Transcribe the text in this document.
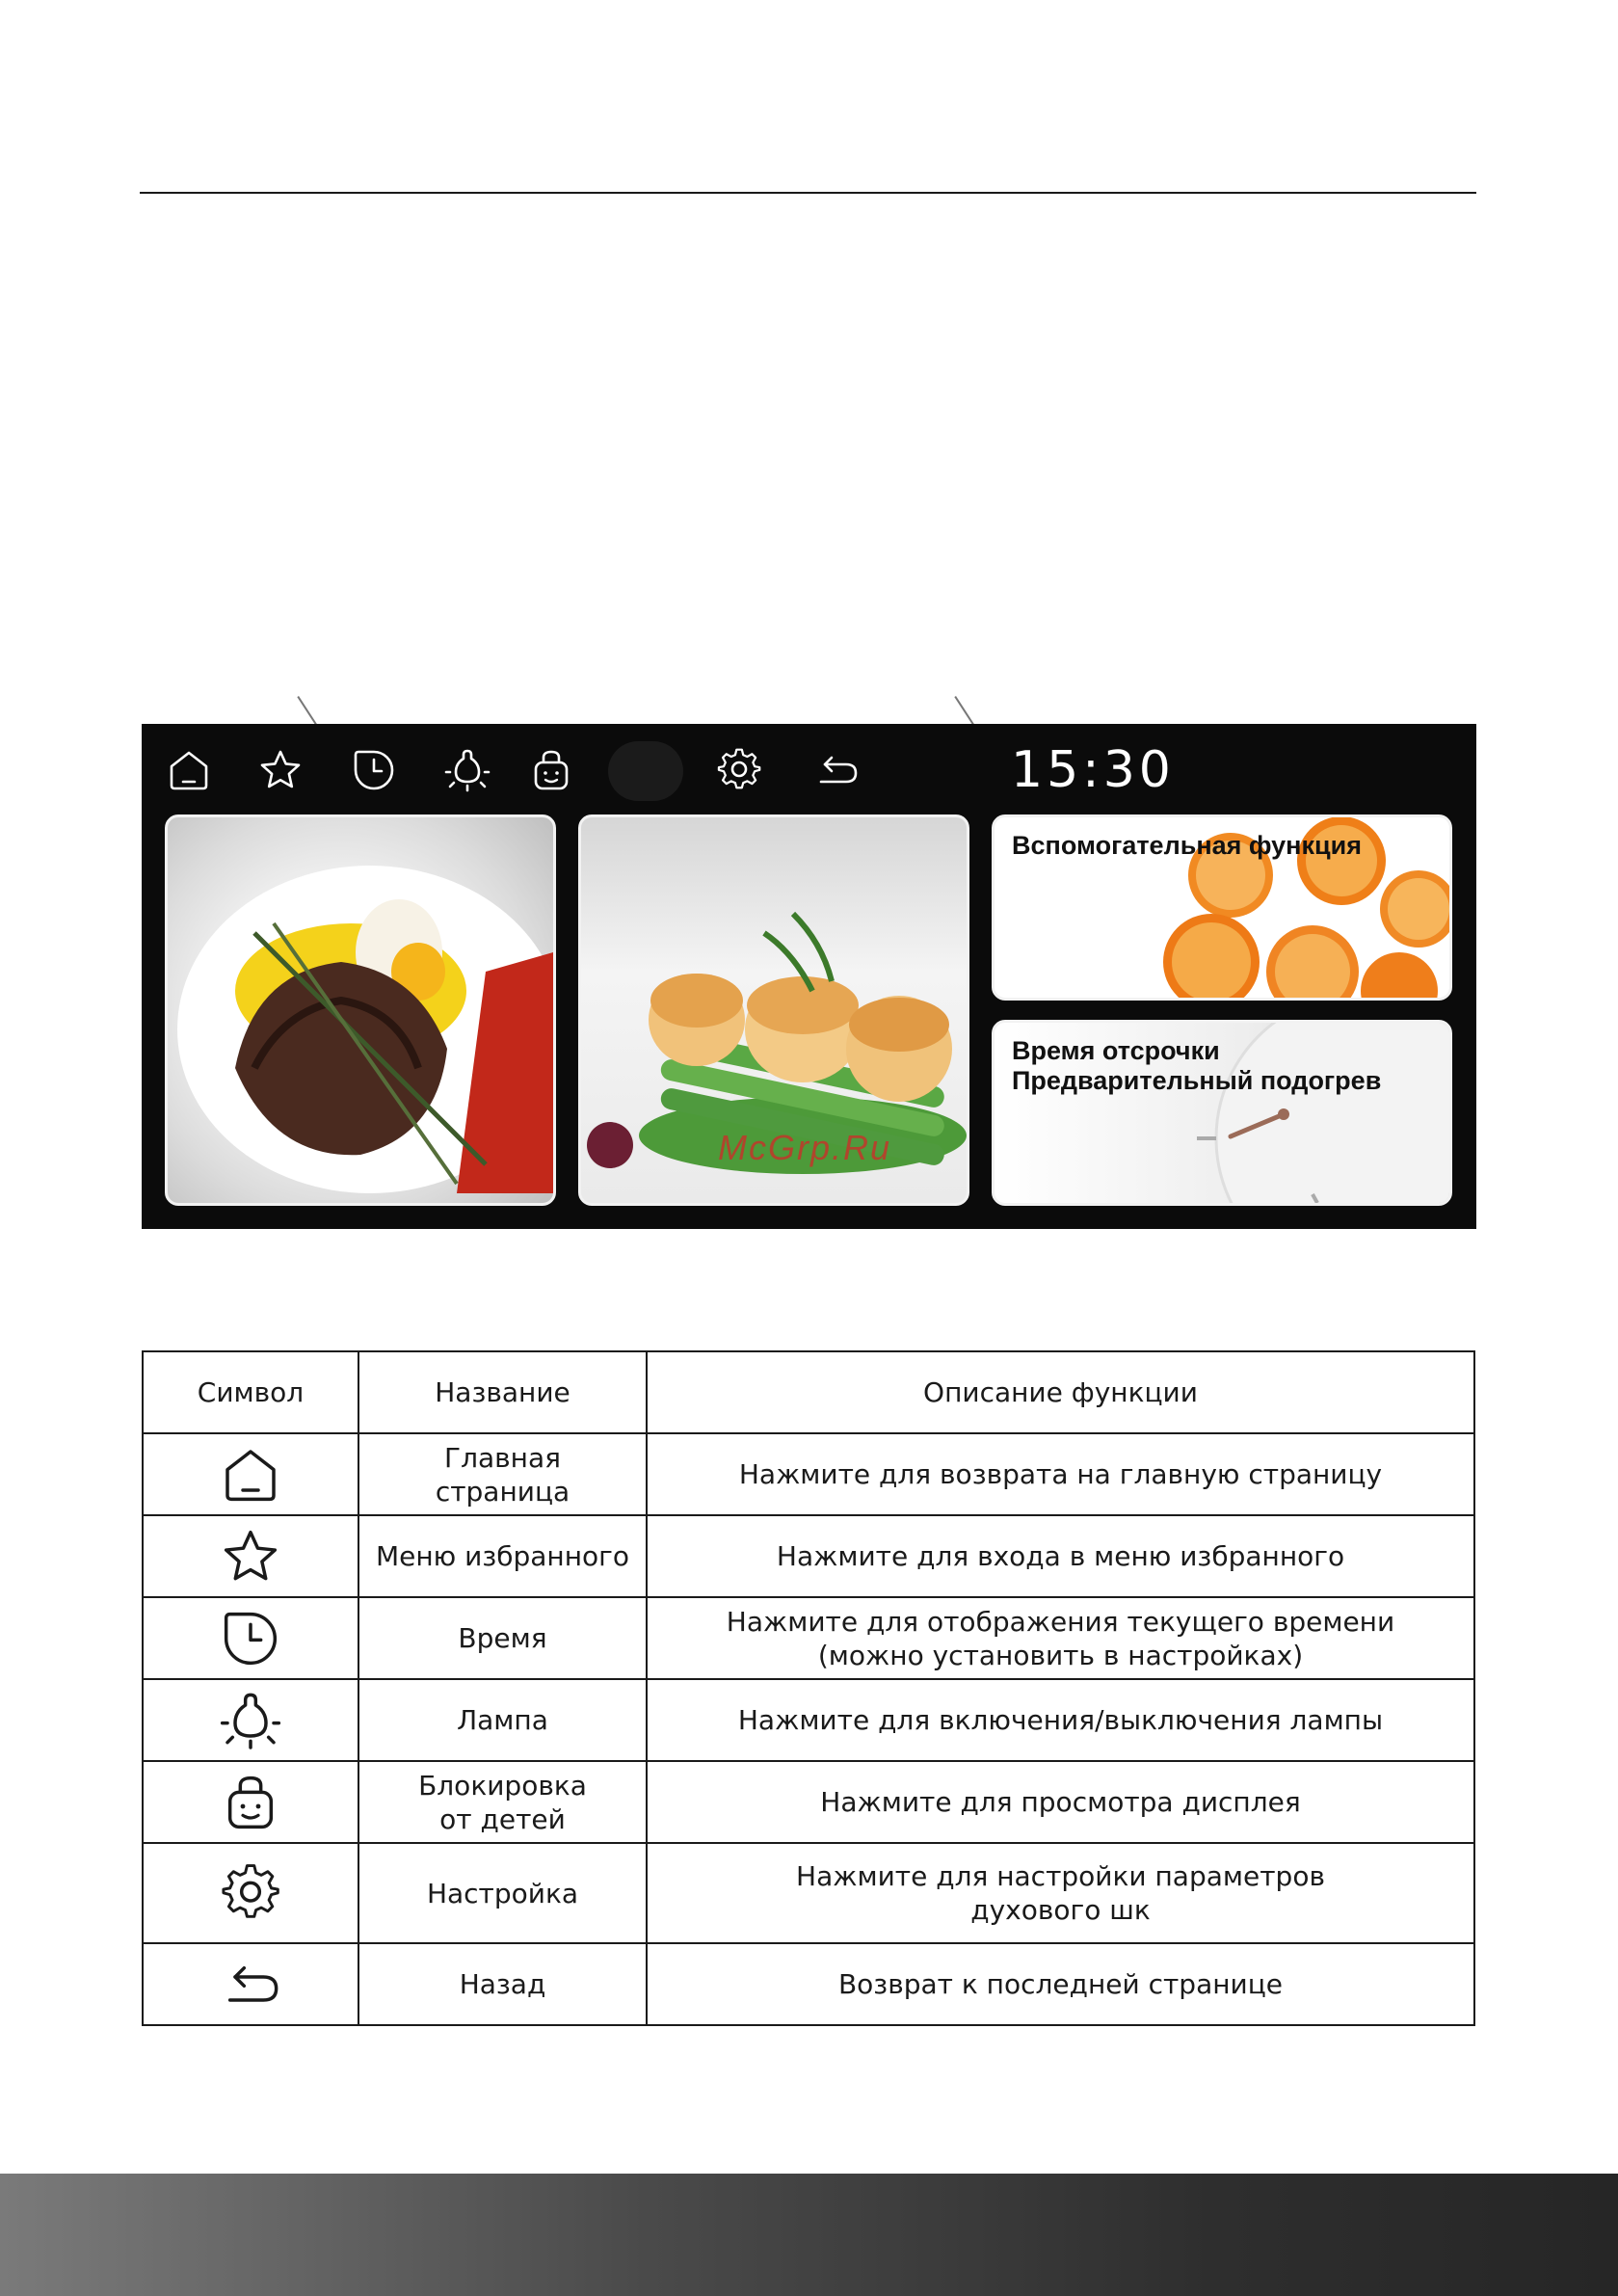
15:30
Вспомогательная функция
Время отсрочки
Предварительный подогрев
McGrp.Ru
Символ	Название	Описание функции

Главная
страница	Нажмите для возврата на главную страницу

Меню избранного	Нажмите для входа в меню избранного

Время	Нажмите для отображения текущего времени
(можно установить в настройках)

Лампа	Нажмите для включения/выключения лампы

Блокировка
от детей	Нажмите для просмотра дисплея

Настройка	Нажмите для настройки параметров
духового шк

Назад	Возврат к последней странице
